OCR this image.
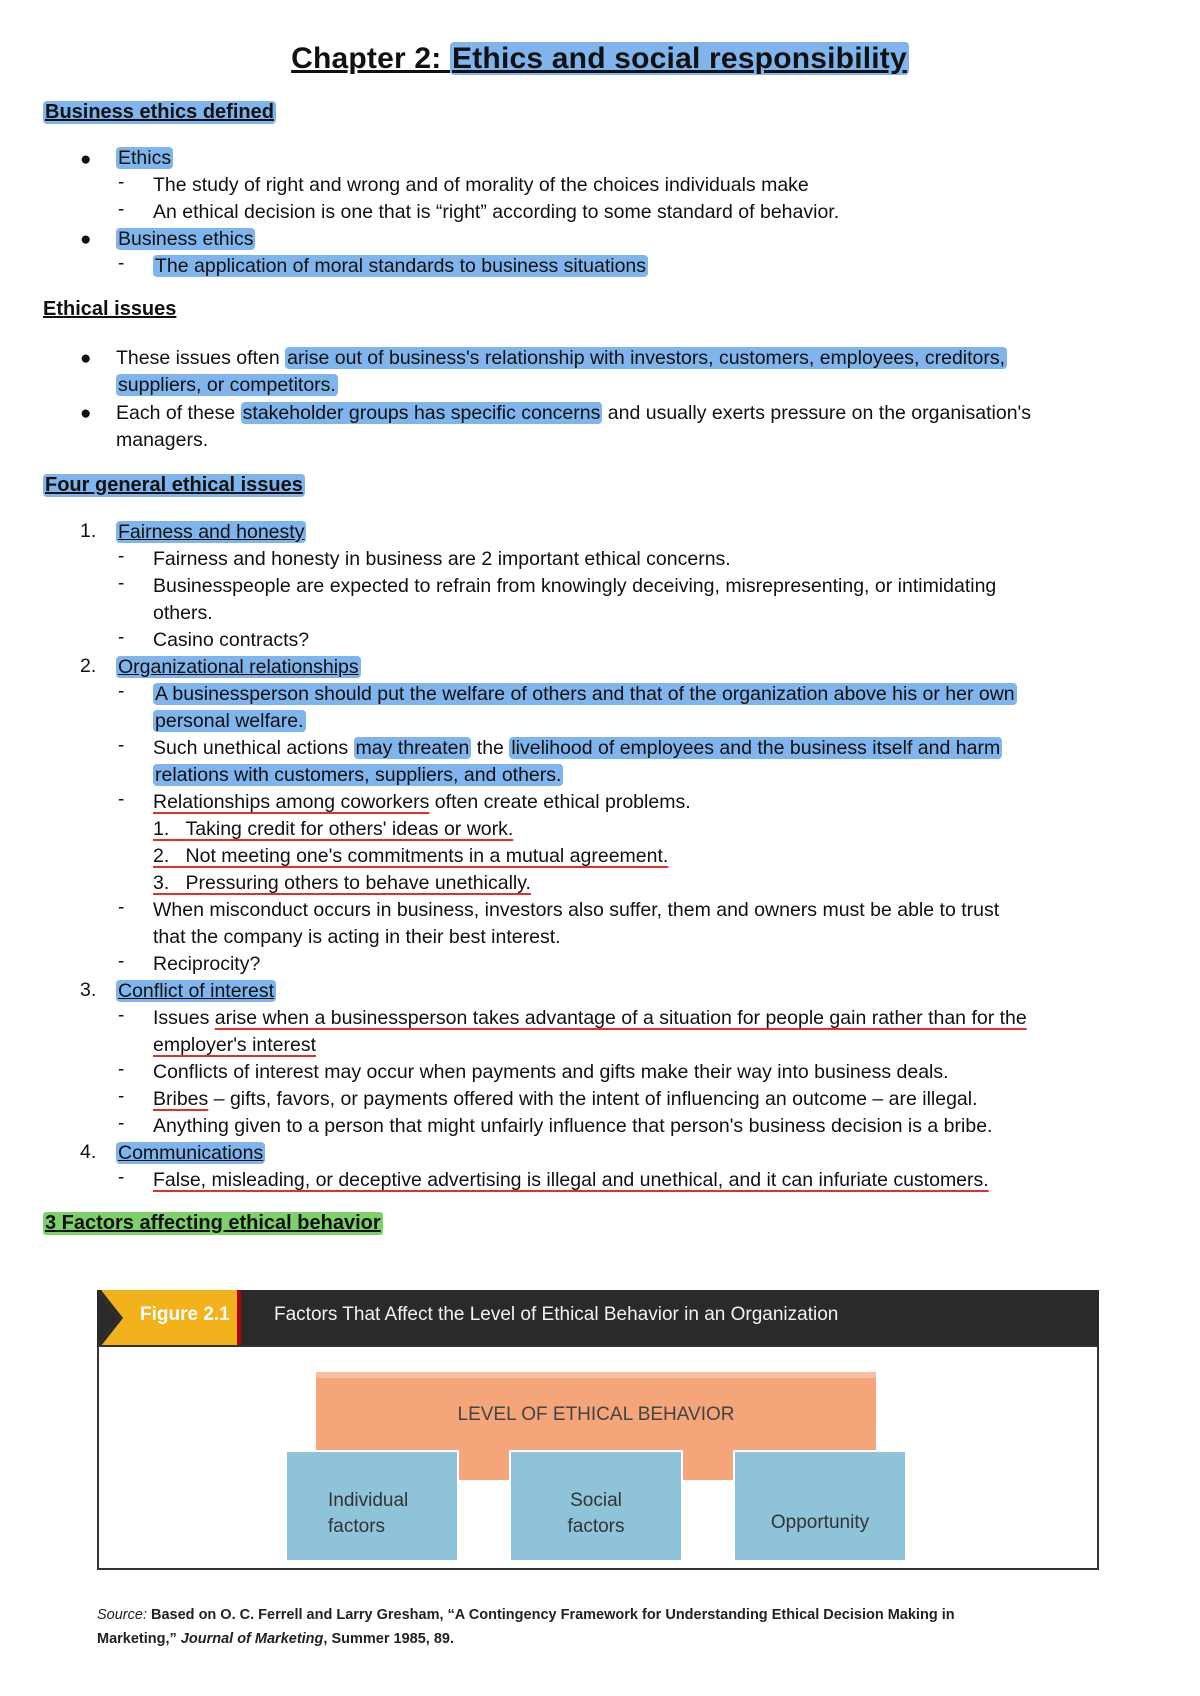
Chapter 2: Ethics and social responsibility
Business ethics defined
● Ethics
- The study of right and wrong and of morality of the choices individuals make
- An ethical decision is one that is “right” according to some standard of behavior.
● Business ethics
- The application of moral standards to business situations
Ethical issues
● These issues often arise out of business's relationship with investors, customers, employees, creditors,
suppliers, or competitors.
● Each of these stakeholder groups has specific concerns and usually exerts pressure on the organisation's
managers.
Four general ethical issues
1. Fairness and honesty
- Fairness and honesty in business are 2 important ethical concerns.
- Businesspeople are expected to refrain from knowingly deceiving, misrepresenting, or intimidating
others.
- Casino contracts?
2. Organizational relationships
- A businessperson should put the welfare of others and that of the organization above his or her own
personal welfare.
- Such unethical actions may threaten the livelihood of employees and the business itself and harm
relations with customers, suppliers, and others.
- Relationships among coworkers often create ethical problems.
1. Taking credit for others' ideas or work.
2. Not meeting one's commitments in a mutual agreement.
3. Pressuring others to behave unethically.
- When misconduct occurs in business, investors also suffer, them and owners must be able to trust
that the company is acting in their best interest.
- Reciprocity?
3. Conflict of interest
- Issues arise when a businessperson takes advantage of a situation for people gain rather than for the
employer's interest
- Conflicts of interest may occur when payments and gifts make their way into business deals.
- Bribes – gifts, favors, or payments offered with the intent of influencing an outcome – are illegal.
- Anything given to a person that might unfairly influence that person's business decision is a bribe.
4. Communications
- False, misleading, or deceptive advertising is illegal and unethical, and it can infuriate customers.
3 Factors affecting ethical behavior
Figure 2.1 Factors That Affect the Level of Ethical Behavior in an Organization
LEVEL OF ETHICAL BEHAVIOR
Individual
factors
Social
factors	Opportunity
Source: Based on O. C. Ferrell and Larry Gresham, “A Contingency Framework for Understanding Ethical Decision Making in
Marketing,” Journal of Marketing, Summer 1985, 89.
